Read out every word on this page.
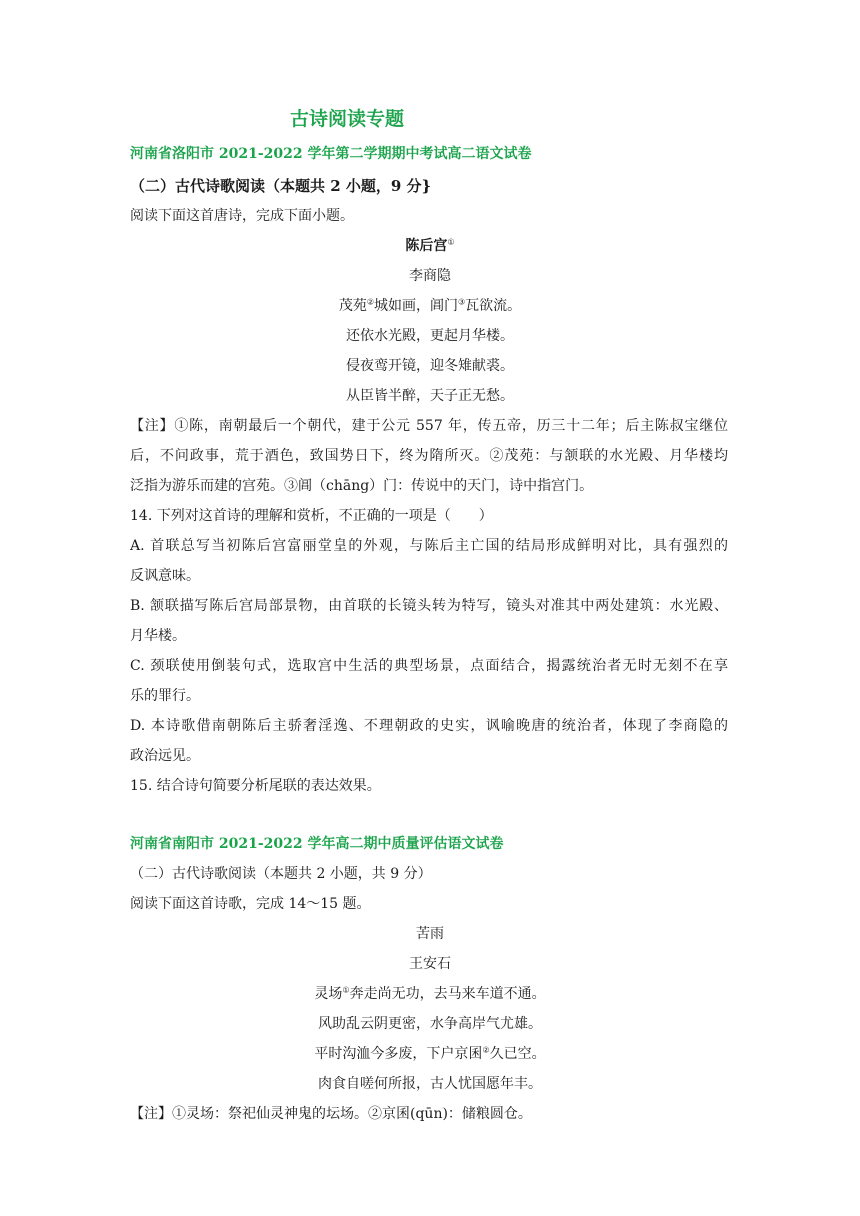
古诗阅读专题
河南省洛阳市 2021-2022 学年第二学期期中考试高二语文试卷
（二）古代诗歌阅读（本题共 2 小题，9 分}
阅读下面这首唐诗，完成下面小题。
陈后宫①
李商隐
茂苑②城如画，阊门③瓦欲流。
还依水光殿，更起月华楼。
侵夜鸾开镜，迎冬雉献裘。
从臣皆半醉，天子正无愁。
【注】①陈，南朝最后一个朝代，建于公元 557 年，传五帝，历三十二年；后主陈叔宝继位
后，不问政事，荒于酒色，致国势日下，终为隋所灭。②茂苑：与颔联的水光殿、月华楼均
泛指为游乐而建的宫苑。③阊（chāng）门：传说中的天门，诗中指宫门。
14. 下列对这首诗的理解和赏析，不正确的一项是（　　）
A. 首联总写当初陈后宫富丽堂皇的外观，与陈后主亡国的结局形成鲜明对比，具有强烈的
反讽意味。
B. 颔联描写陈后宫局部景物，由首联的长镜头转为特写，镜头对准其中两处建筑：水光殿、
月华楼。
C. 颈联使用倒装句式，选取宫中生活的典型场景，点面结合，揭露统治者无时无刻不在享
乐的罪行。
D. 本诗歌借南朝陈后主骄奢淫逸、不理朝政的史实，讽喻晚唐的统治者，体现了李商隐的
政治远见。
15. 结合诗句简要分析尾联的表达效果。
河南省南阳市 2021-2022 学年高二期中质量评估语文试卷
（二）古代诗歌阅读（本题共 2 小题，共 9 分）
阅读下面这首诗歌，完成 14～15 题。
苦雨
王安石
灵场①奔走尚无功，去马来车道不通。
风助乱云阴更密，水争高岸气尤雄。
平时沟洫今多废，下户京囷②久已空。
肉食自嗟何所报，古人忧国愿年丰。
【注】①灵场：祭祀仙灵神鬼的坛场。②京囷(qūn)：储粮圆仓。
